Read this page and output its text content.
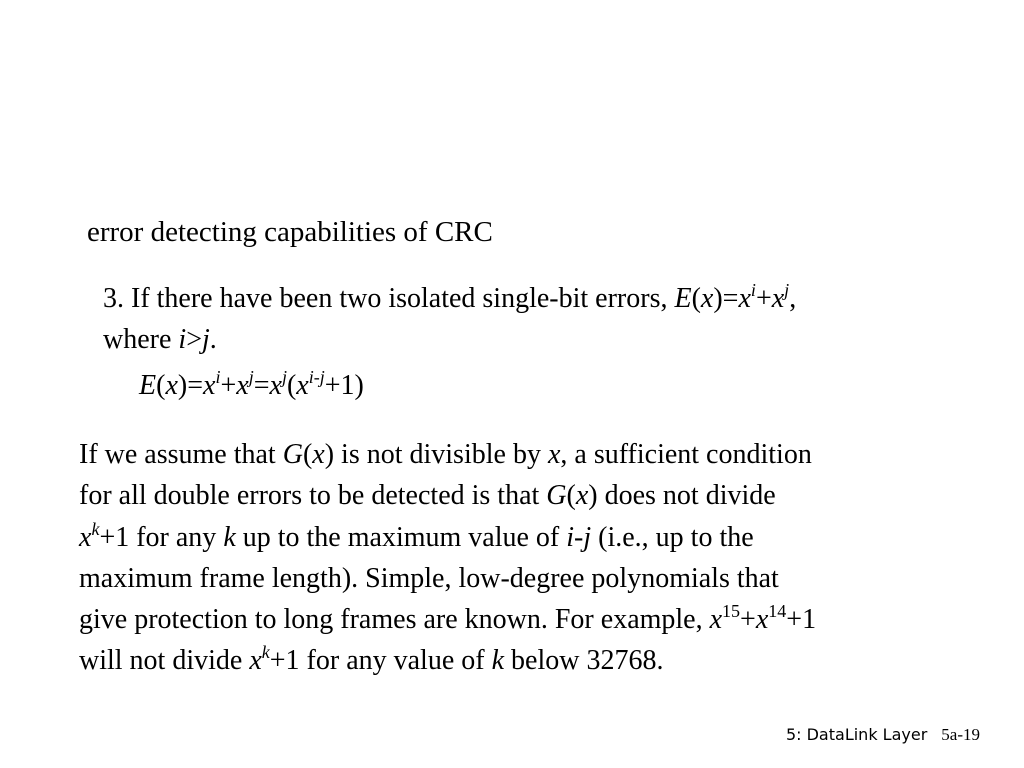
error detecting capabilities of CRC
3. If there have been two isolated single-bit errors, $E(x)=x^i+x^j$,
where i>j.
$E(x)=x^i+x^j=x^j(x^{i-j}+1)$
If we assume that G(x) is not divisible by x, a sufficient condition
for all double errors to be detected is that G(x) does not divide
$x^k+1$ for any k up to the maximum value of i-j (i.e., up to the
maximum frame length). Simple, low-degree polynomials that
give protection to long frames are known. For example, $x^{15}+x^{14}+1$
will not divide $x^k+1$ for any value of k below 32768.
5: DataLink Layer 5a-19
